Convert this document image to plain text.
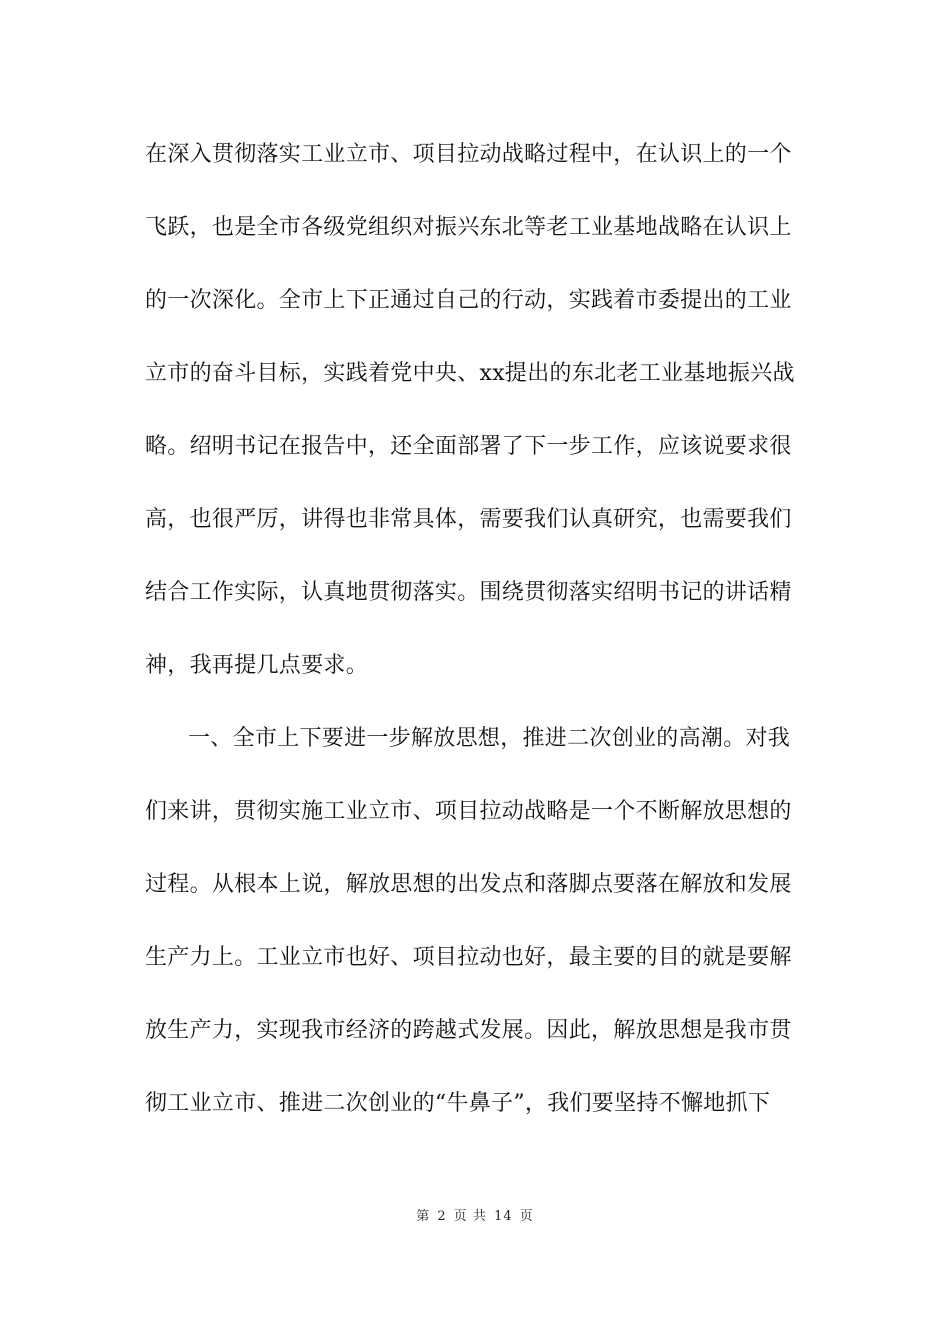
在深入贯彻落实工业立市、项目拉动战略过程中，在认识上的一个
飞跃，也是全市各级党组织对振兴东北等老工业基地战略在认识上
的一次深化。全市上下正通过自己的行动，实践着市委提出的工业
立市的奋斗目标，实践着党中央、xx提出的东北老工业基地振兴战
略。绍明书记在报告中，还全面部署了下一步工作，应该说要求很
高，也很严厉，讲得也非常具体，需要我们认真研究，也需要我们
结合工作实际，认真地贯彻落实。围绕贯彻落实绍明书记的讲话精
神，我再提几点要求。
一、全市上下要进一步解放思想，推进二次创业的高潮。对我
们来讲，贯彻实施工业立市、项目拉动战略是一个不断解放思想的
过程。从根本上说，解放思想的出发点和落脚点要落在解放和发展
生产力上。工业立市也好、项目拉动也好，最主要的目的就是要解
放生产力，实现我市经济的跨越式发展。因此，解放思想是我市贯
彻工业立市、推进二次创业的“牛鼻子”，我们要坚持不懈地抓下
第 2 页 共 14 页
